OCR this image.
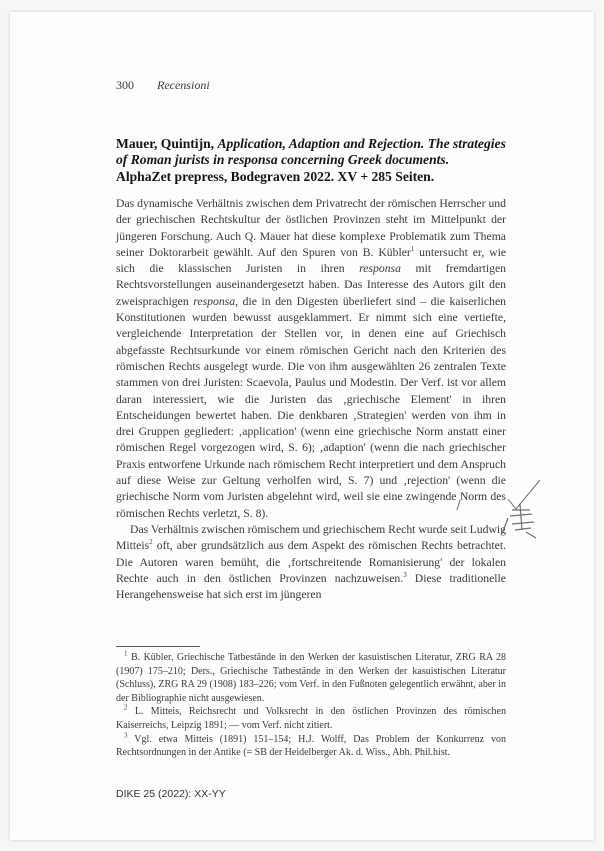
300 Recensioni
Mauer, Quintijn, Application, Adaption and Rejection. The strategies of Roman jurists in responsa concerning Greek documents. AlphaZet prepress, Bodegraven 2022. XV + 285 Seiten.

Das dynamische Verhältnis zwischen dem Privatrecht der römischen Herrscher und der griechischen Rechtskultur der östlichen Provinzen steht im Mittelpunkt der jüngeren Forschung. Auch Q. Mauer hat diese komplexe Problematik zum Thema seiner Doktorarbeit gewählt. Auf den Spuren von B. Kübler$^1$ untersucht er, wie sich die klassischen Juristen in ihren responsa mit fremdartigen Rechtsvorstellungen auseinandergesetzt haben. Das Interesse des Autors gilt den zweisprachigen responsa, die in den Digesten überliefert sind – die kaiserlichen Konstitutionen wurden bewusst ausgeklammert. Er nimmt sich eine vertiefte, vergleichende Interpretation der Stellen vor, in denen eine auf Griechisch abgefasste Rechtsurkunde vor einem römischen Gericht nach den Kriterien des römischen Rechts ausgelegt wurde. Die von ihm ausgewählten 26 zentralen Texte stammen von drei Juristen: Scaevola, Paulus und Modestin. Der Verf. ist vor allem daran interessiert, wie die Juristen das ‚griechische Element' in ihren Entscheidungen bewertet haben. Die denkbaren ‚Strategien' werden von ihm in drei Gruppen gegliedert: ‚application' (wenn eine griechische Norm anstatt einer römischen Regel vorgezogen wird, S. 6); ‚adaption' (wenn die nach griechischer Praxis entworfene Urkunde nach römischem Recht interpretiert und dem Anspruch auf diese Weise zur Geltung verholfen wird, S. 7) und ‚rejection' (wenn die griechische Norm vom Juristen abgelehnt wird, weil sie eine zwingende Norm des römischen Rechts verletzt, S. 8).

Das Verhältnis zwischen römischem und griechischem Recht wurde seit Ludwig Mitteis$^2$ oft, aber grundsätzlich aus dem Aspekt des römischen Rechts betrachtet. Die Autoren waren bemüht, die ‚fortschreitende Romanisierung' der lokalen Rechte auch in den östlichen Provinzen nachzuweisen.$^3$ Diese traditionelle Herangehensweise hat sich erst im jüngeren

$^1$ B. Kübler, Griechische Tatbestände in den Werken der kasuistischen Literatur, ZRG RA 28 (1907) 175–210; Ders., Griechische Tatbestände in den Werken der kasuistischen Literatur (Schluss), ZRG RA 29 (1908) 183–226; vom Verf. in den Fußnoten gelegentlich erwähnt, aber in der Bibliographie nicht ausgewiesen.

$^2$ L. Mitteis, Reichsrecht und Volksrecht in den östlichen Provinzen des römischen Kaiserreichs, Leipzig 1891; — vom Verf. nicht zitiert.

$^3$ Vgl. etwa Mitteis (1891) 151–154; H.J. Wolff, Das Problem der Konkurrenz von Rechtsordnungen in der Antike (= SB der Heidelberger Ak. d. Wiss., Abh. Phil.hist.

DIKE 25 (2022): XX-YY
